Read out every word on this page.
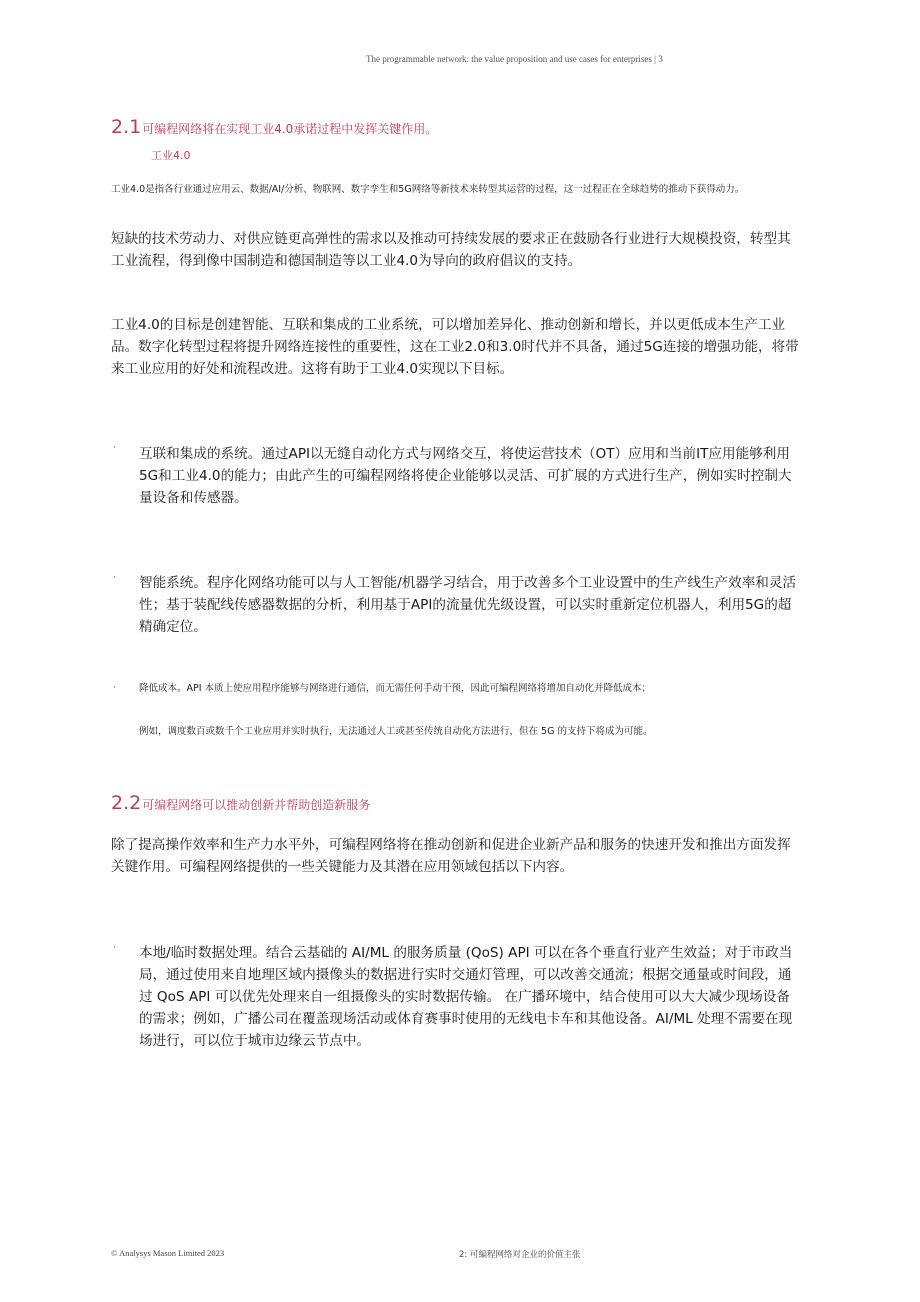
The programmable network: the value proposition and use cases for enterprises | 3
2.1可编程网络将在实现工业4.0承诺过程中发挥关键作用。
工业4.0
工业4.0是指各行业通过应用云、数据/AI/分析、物联网、数字孪生和5G网络等新技术来转型其运营的过程，这一过程正在全球趋势的推动下获得动力。
短缺的技术劳动力、对供应链更高弹性的需求以及推动可持续发展的要求正在鼓励各行业进行大规模投资，转型其工业流程，得到像中国制造和德国制造等以工业4.0为导向的政府倡议的支持。
工业4.0的目标是创建智能、互联和集成的工业系统，可以增加差异化、推动创新和增长，并以更低成本生产工业品。数字化转型过程将提升网络连接性的重要性，这在工业2.0和3.0时代并不具备，通过5G连接的增强功能，将带来工业应用的好处和流程改进。这将有助于工业4.0实现以下目标。
· 互联和集成的系统。通过API以无缝自动化方式与网络交互，将使运营技术（OT）应用和当前IT应用能够利用5G和工业4.0的能力；由此产生的可编程网络将使企业能够以灵活、可扩展的方式进行生产，例如实时控制大量设备和传感器。
· 智能系统。程序化网络功能可以与人工智能/机器学习结合，用于改善多个工业设置中的生产线生产效率和灵活性；基于装配线传感器数据的分析，利用基于API的流量优先级设置，可以实时重新定位机器人，利用5G的超精确定位。
· 降低成本。API 本质上使应用程序能够与网络进行通信，而无需任何手动干预，因此可编程网络将增加自动化并降低成本；
例如，调度数百或数千个工业应用并实时执行，无法通过人工或甚至传统自动化方法进行，但在 5G 的支持下将成为可能。
2.2可编程网络可以推动创新并帮助创造新服务
除了提高操作效率和生产力水平外，可编程网络将在推动创新和促进企业新产品和服务的快速开发和推出方面发挥关键作用。可编程网络提供的一些关键能力及其潜在应用领域包括以下内容。
· 本地/临时数据处理。结合云基础的 AI/ML 的服务质量 (QoS) API 可以在各个垂直行业产生效益；对于市政当局，通过使用来自地理区域内摄像头的数据进行实时交通灯管理，可以改善交通流；根据交通量或时间段，通过 QoS API 可以优先处理来自一组摄像头的实时数据传输。 在广播环境中，结合使用可以大大减少现场设备的需求；例如，广播公司在覆盖现场活动或体育赛事时使用的无线电卡车和其他设备。AI/ML 处理不需要在现场进行，可以位于城市边缘云节点中。
© Analysys Mason Limited 2023	2: 可编程网络对企业的价值主张
